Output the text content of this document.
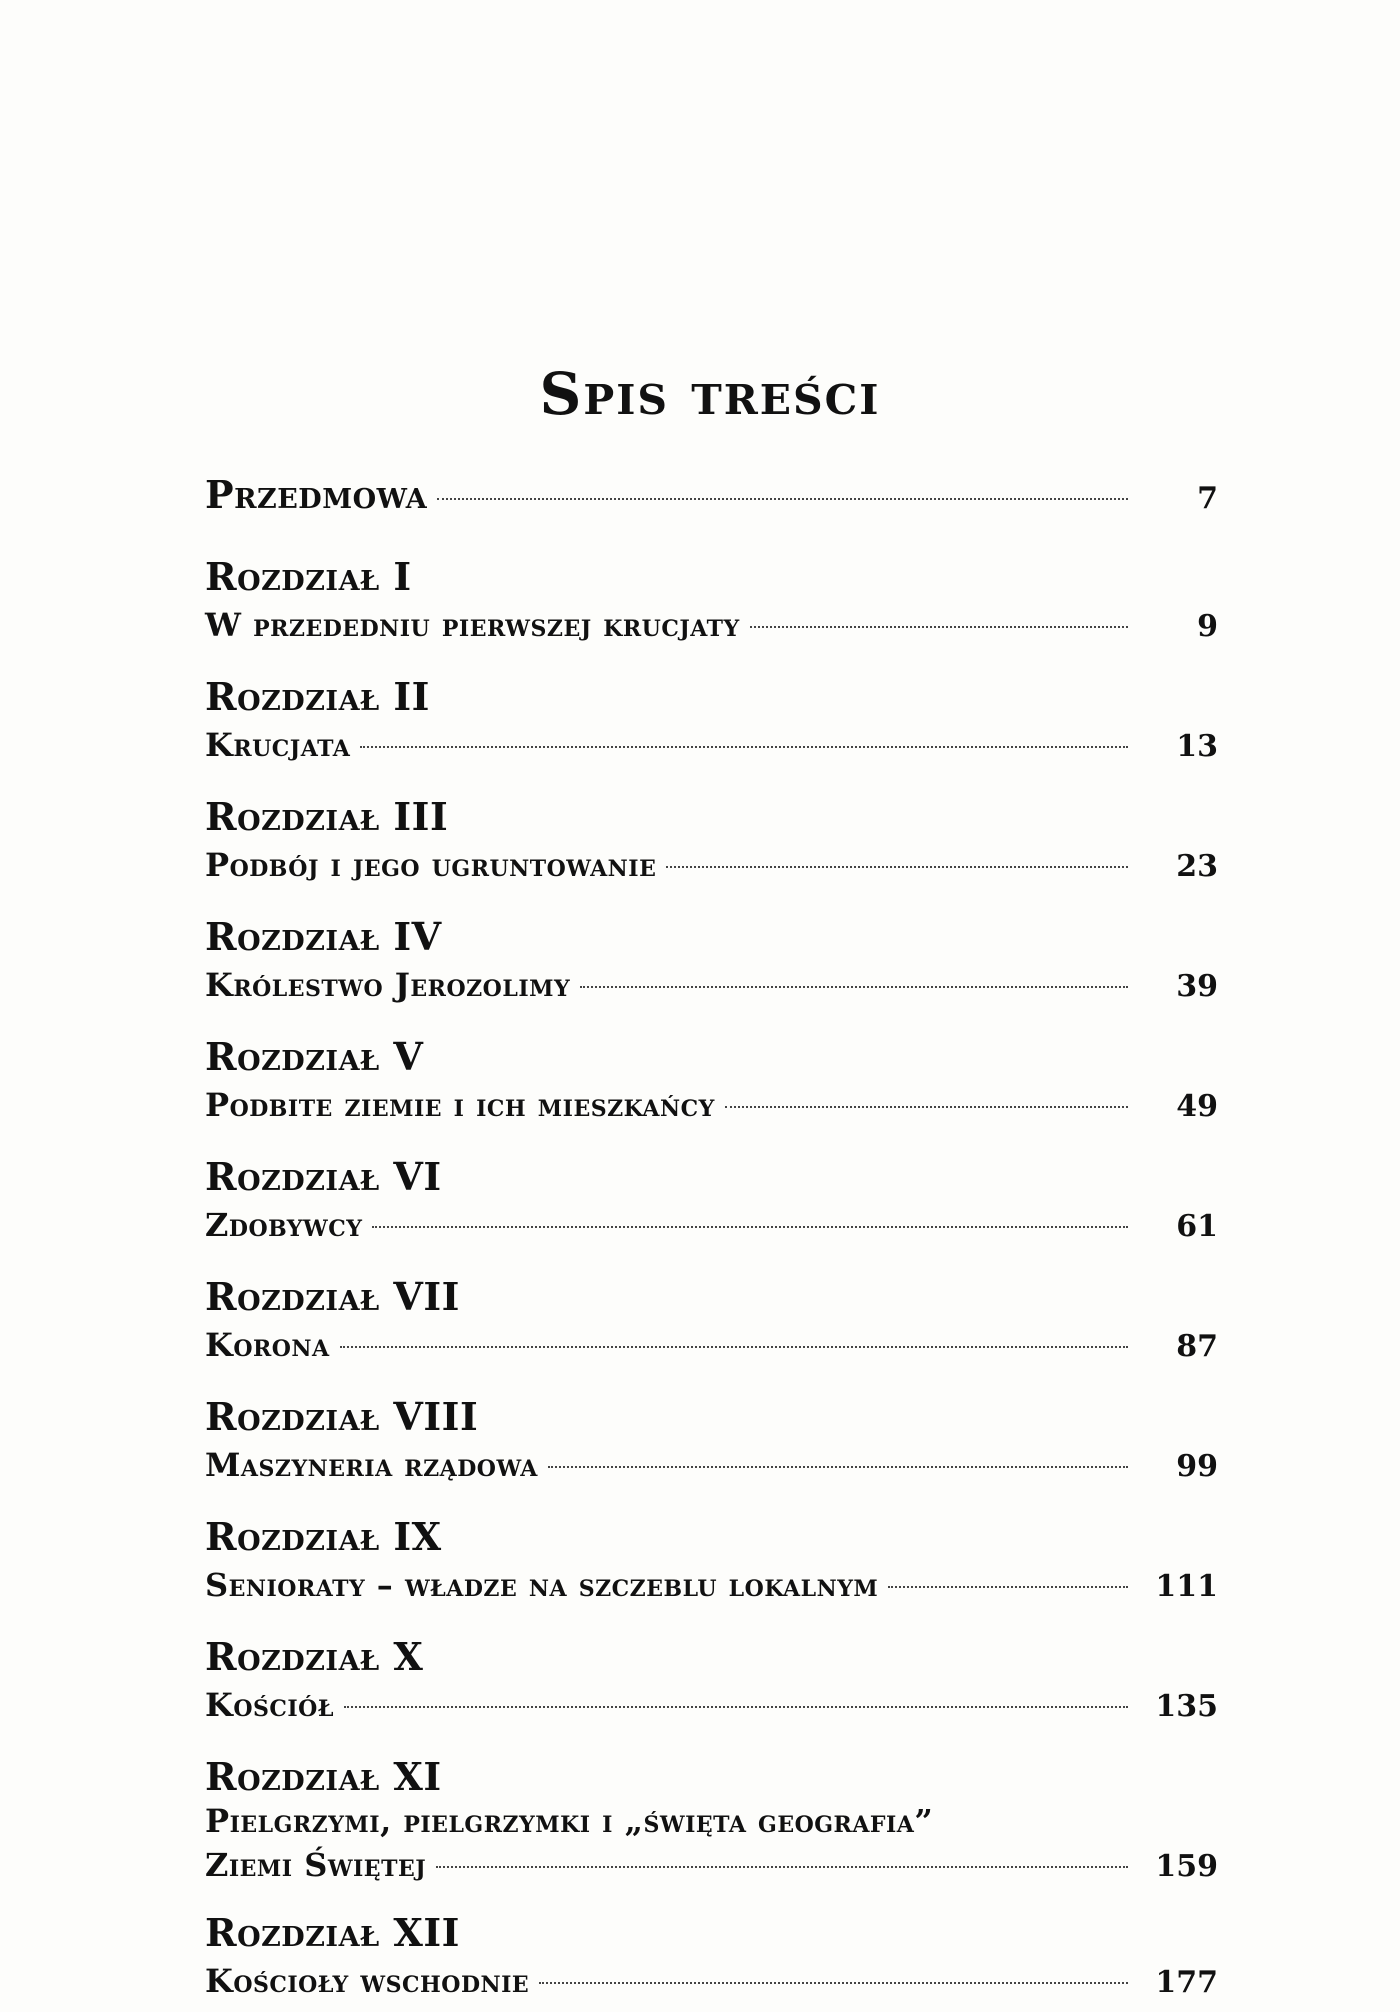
Spis treści
Przedmowa	7
Rozdział I
W przededniu pierwszej krucjaty	9
Rozdział II
Krucjata	13
Rozdział III
Podbój i jego ugruntowanie	23
Rozdział IV
Królestwo Jerozolimy	39
Rozdział V
Podbite ziemie i ich mieszkańcy	49
Rozdział VI
Zdobywcy	61
Rozdział VII
Korona	87
Rozdział VIII
Maszyneria rządowa	99
Rozdział IX
Senioraty – władze na szczeblu lokalnym	111
Rozdział X
Kościół	135
Rozdział XI
Pielgrzymi, pielgrzymki i „święta geografia”
Ziemi Świętej	159
Rozdział XII
Kościoły wschodnie	177
